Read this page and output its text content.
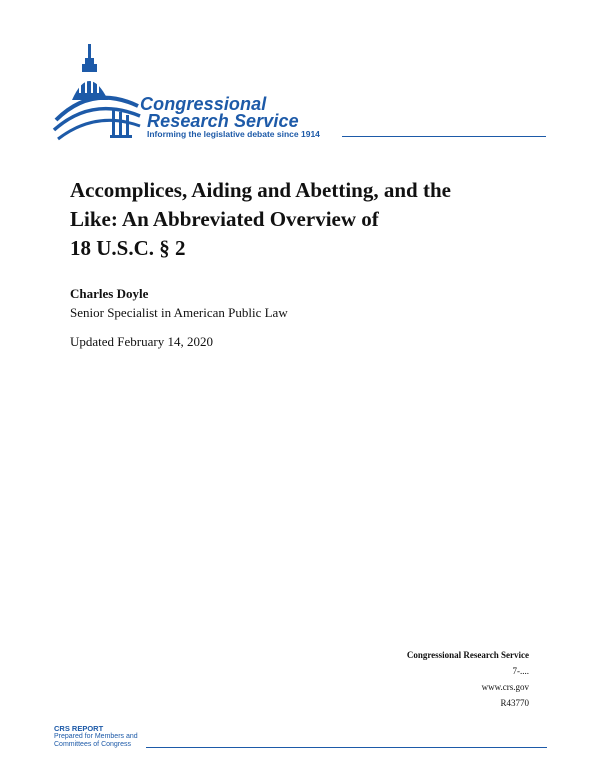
Congressional
Research Service
Informing the legislative debate since 1914
Accomplices, Aiding and Abetting, and the
Like: An Abbreviated Overview of
18 U.S.C. § 2
Charles Doyle
Senior Specialist in American Public Law
Updated February 14, 2020
Congressional Research Service
7-....
www.crs.gov
R43770
CRS REPORT
Prepared for Members and
Committees of Congress
